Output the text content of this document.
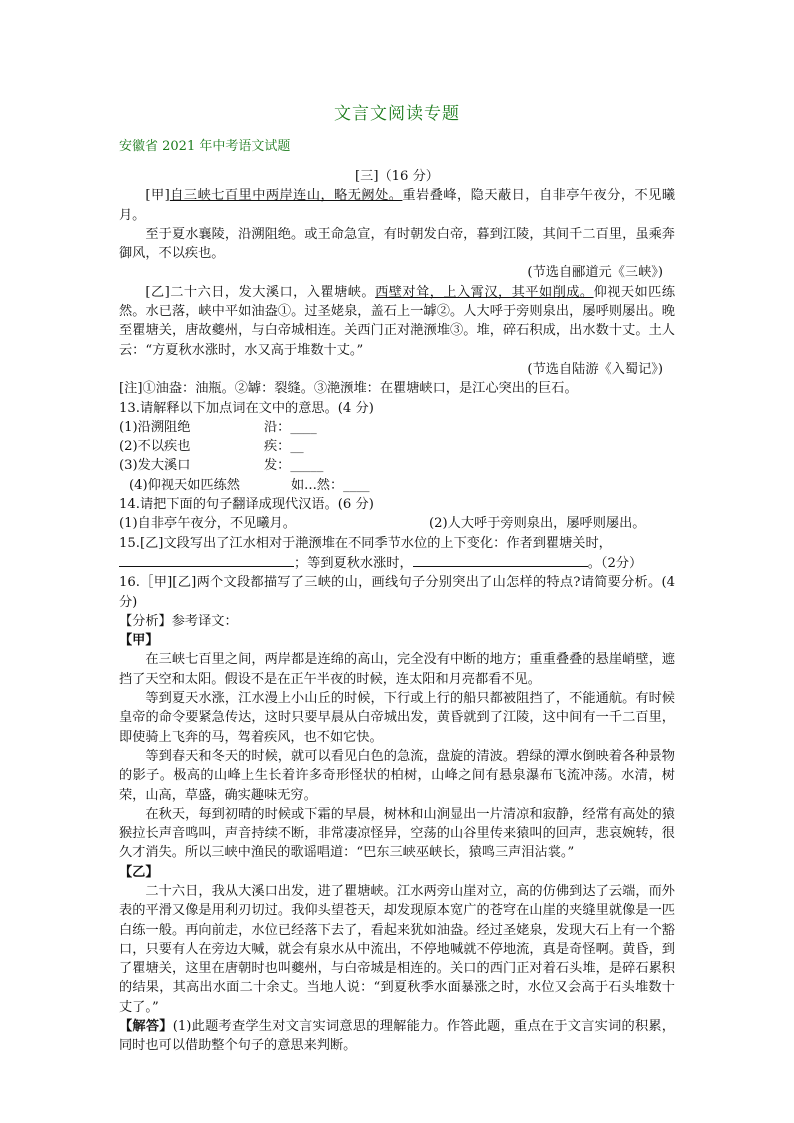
文言文阅读专题
安徽省 2021 年中考语文试题

[三]（16 分）

[甲]自三峡七百里中两岸连山，略无阙处。重岩叠峰，隐天蔽日，自非亭午夜分，不见曦月。

至于夏水襄陵，沿溯阻绝。或王命急宣，有时朝发白帝，暮到江陵，其间千二百里，虽乘奔御风，不以疾也。

(节选自郦道元《三峡》)

[乙]二十六日，发大溪口，入瞿塘峡。西壁对耸，上入霄汉，其平如削成。仰视天如匹练然。水已落，峡中平如油盎①。过圣姥泉，盖石上一罅②。人大呼于旁则泉出，屡呼则屡出。晚至瞿塘关，唐故夔州，与白帝城相连。关西门正对滟滪堆③。堆，碎石积成，出水数十丈。土人云：“方夏秋水涨时，水又高于堆数十丈。”

(节选自陆游《入蜀记》)

[注]①油盎：油瓶。②罅：裂缝。③滟滪堆：在瞿塘峡口，是江心突出的巨石。

13.请解释以下加点词在文中的意思。(4 分)

(1)沿溯阻绝	沿：____
(2)不以疾也	疾：__
(3)发大溪口	发：_____
(4)仰视天如匹练然	如...然：____

14.请把下面的句子翻译成现代汉语。(6 分)

(1)自非亭午夜分，不见曦月。	(2)人大呼于旁则泉出，屡呼则屡出。

15.[乙]文段写出了江水相对于滟滪堆在不同季节水位的上下变化：作者到瞿塘关时，

；等到夏秋水涨时，	。（2分）

16.［甲][乙]两个文段都描写了三峡的山，画线句子分别突出了山怎样的特点?请简要分析。(4分)

【分析】参考译文：

【甲】

在三峡七百里之间，两岸都是连绵的高山，完全没有中断的地方；重重叠叠的悬崖峭壁，遮挡了天空和太阳。假设不是在正午半夜的时候，连太阳和月亮都看不见。

等到夏天水涨，江水漫上小山丘的时候，下行或上行的船只都被阻挡了，不能通航。有时候皇帝的命令要紧急传达，这时只要早晨从白帝城出发，黄昏就到了江陵，这中间有一千二百里，即使骑上飞奔的马，驾着疾风，也不如它快。

等到春天和冬天的时候，就可以看见白色的急流，盘旋的清波。碧绿的潭水倒映着各种景物的影子。极高的山峰上生长着许多奇形怪状的柏树，山峰之间有悬泉瀑布飞流冲荡。水清，树荣，山高，草盛，确实趣味无穷。

在秋天，每到初晴的时候或下霜的早晨，树林和山涧显出一片清凉和寂静，经常有高处的猿猴拉长声音鸣叫，声音持续不断，非常凄凉怪异，空荡的山谷里传来猿叫的回声，悲哀婉转，很久才消失。所以三峡中渔民的歌谣唱道：“巴东三峡巫峡长，猿鸣三声泪沾裳。”

【乙】

二十六日，我从大溪口出发，进了瞿塘峡。江水两旁山崖对立，高的仿佛到达了云端，而外表的平滑又像是用利刃切过。我仰头望苍天，却发现原本宽广的苍穹在山崖的夹缝里就像是一匹白练一般。再向前走，水位已经落下去了，看起来犹如油盎。经过圣姥泉，发现大石上有一个豁口，只要有人在旁边大喊，就会有泉水从中流出，不停地喊就不停地流，真是奇怪啊。黄昏，到了瞿塘关，这里在唐朝时也叫夔州，与白帝城是相连的。关口的西门正对着石头堆，是碎石累积的结果，其高出水面二十余丈。当地人说：“到夏秋季水面暴涨之时，水位又会高于石头堆数十丈了。”

【解答】(1)此题考查学生对文言实词意思的理解能力。作答此题，重点在于文言实词的积累，同时也可以借助整个句子的意思来判断。
